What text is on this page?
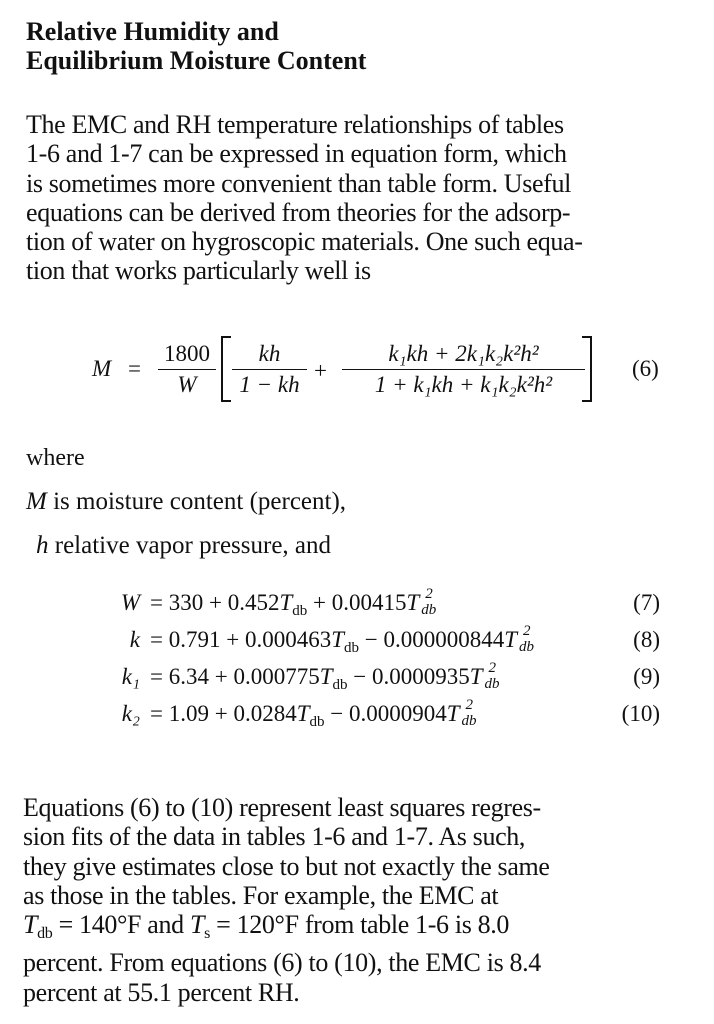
Relative Humidity and
Equilibrium Moisture Content
The EMC and RH temperature relationships of tables
1-6 and 1-7 can be expressed in equation form, which
is sometimes more convenient than table form. Useful
equations can be derived from theories for the adsorp-
tion of water on hygroscopic materials. One such equa-
tion that works particularly well is
M =
1800
W
kh
1 − kh
+
k₁kh + 2k₁k₂k²h²
1 + k₁kh + k₁k₂k²h²
(6)
where
M is moisture content (percent),
h relative vapor pressure, and
$W = 330 + 0.452T_{db} + 0.00415T$ 2
db	(7)
$k = 0.791 + 0.000463T_{db} - 0.000000844T$ 2
db	(8)
$k_1 = 6.34 + 0.000775T_{db} - 0.0000935T$ 2
db	(9)
$k_2 = 1.09 + 0.0284T_{db} - 0.0000904T$ 2
db	(10)
Equations (6) to (10) represent least squares regres-
sion fits of the data in tables 1-6 and 1-7. As such,
they give estimates close to but not exactly the same
as those in the tables. For example, the EMC at
$T_{db} = 140^\circ F$ and $T_s = 120^\circ F$ from table 1-6 is 8.0
percent. From equations (6) to (10), the EMC is 8.4
percent at 55.1 percent RH.
